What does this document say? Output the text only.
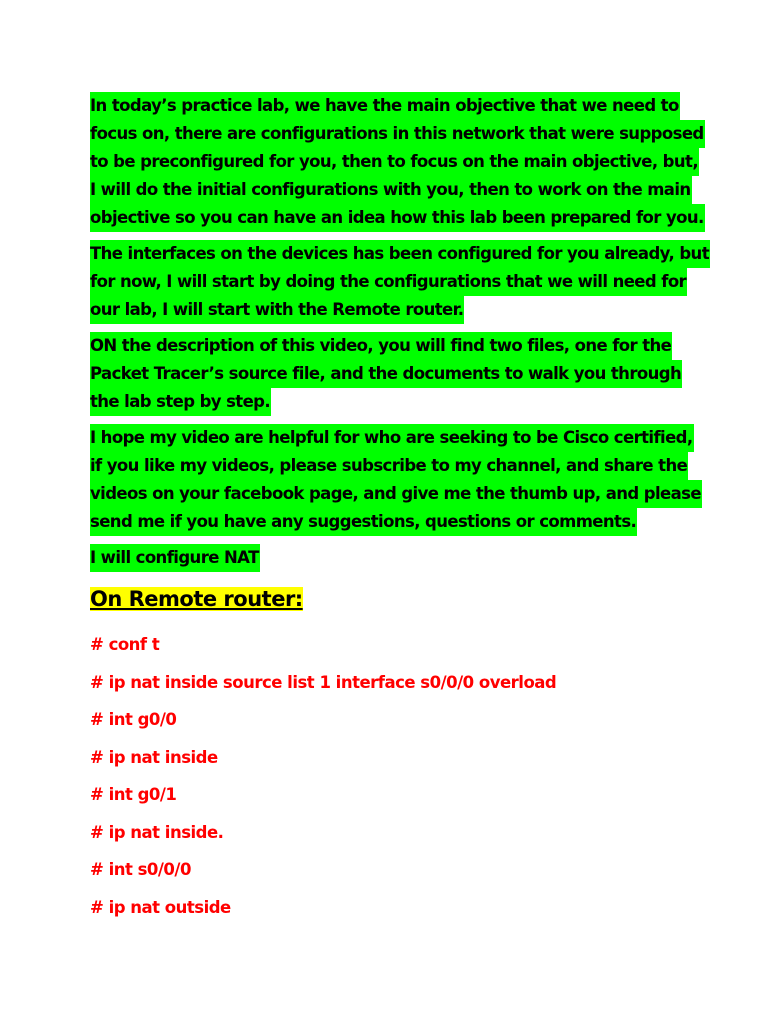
In today’s practice lab, we have the main objective that we need to
focus on, there are configurations in this network that were supposed
to be preconfigured for you, then to focus on the main objective, but,
I will do the initial configurations with you, then to work on the main
objective so you can have an idea how this lab been prepared for you.
The interfaces on the devices has been configured for you already, but
for now, I will start by doing the configurations that we will need for
our lab, I will start with the Remote router.
ON the description of this video, you will find two files, one for the
Packet Tracer’s source file, and the documents to walk you through
the lab step by step.
I hope my video are helpful for who are seeking to be Cisco certified,
if you like my videos, please subscribe to my channel, and share the
videos on your facebook page, and give me the thumb up, and please
send me if you have any suggestions, questions or comments.
I will configure NAT
On Remote router:

# conf t

# ip nat inside source list 1 interface s0/0/0 overload

# int g0/0

# ip nat inside

# int g0/1

# ip nat inside.

# int s0/0/0

# ip nat outside
